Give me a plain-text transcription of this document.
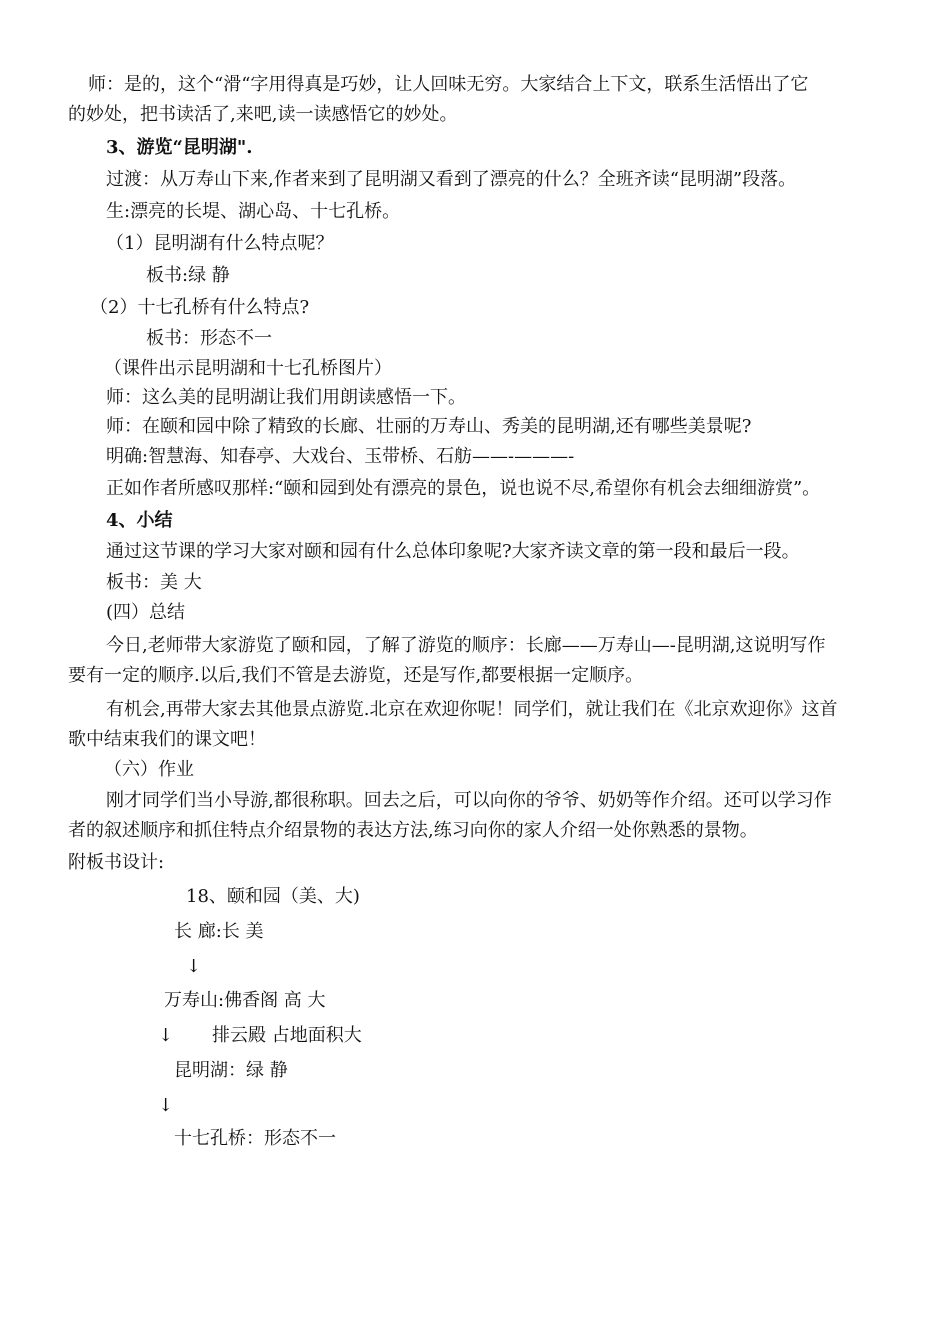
师：是的，这个“滑“字用得真是巧妙，让人回味无穷。大家结合上下文，联系生活悟出了它
的妙处，把书读活了,来吧,读一读感悟它的妙处。
3、游览“昆明湖".
过渡：从万寿山下来,作者来到了昆明湖又看到了漂亮的什么？全班齐读“昆明湖”段落。
生:漂亮的长堤、湖心岛、十七孔桥。
（1）昆明湖有什么特点呢？
板书:绿 静
（2）十七孔桥有什么特点?
板书：形态不一
（课件出示昆明湖和十七孔桥图片）
师：这么美的昆明湖让我们用朗读感悟一下。
师：在颐和园中除了精致的长廊、壮丽的万寿山、秀美的昆明湖,还有哪些美景呢?
明确:智慧海、知春亭、大戏台、玉带桥、石舫——-———-
正如作者所感叹那样:“颐和园到处有漂亮的景色，说也说不尽,希望你有机会去细细游赏”。
4、小结
通过这节课的学习大家对颐和园有什么总体印象呢?大家齐读文章的第一段和最后一段。
板书：美 大
(四）总结
今日,老师带大家游览了颐和园，了解了游览的顺序：长廊——万寿山—-昆明湖,这说明写作
要有一定的顺序.以后,我们不管是去游览，还是写作,都要根据一定顺序。
有机会,再带大家去其他景点游览.北京在欢迎你呢！同学们，就让我们在《北京欢迎你》这首
歌中结束我们的课文吧！
（六）作业
刚才同学们当小导游,都很称职。回去之后，可以向你的爷爷、奶奶等作介绍。还可以学习作
者的叙述顺序和抓住特点介绍景物的表达方法,练习向你的家人介绍一处你熟悉的景物。
附板书设计:
18、颐和园（美、大)
长 廊:长 美
↓
万寿山:佛香阁 高 大
↓ 排云殿 占地面积大
昆明湖：绿 静
↓
十七孔桥：形态不一
